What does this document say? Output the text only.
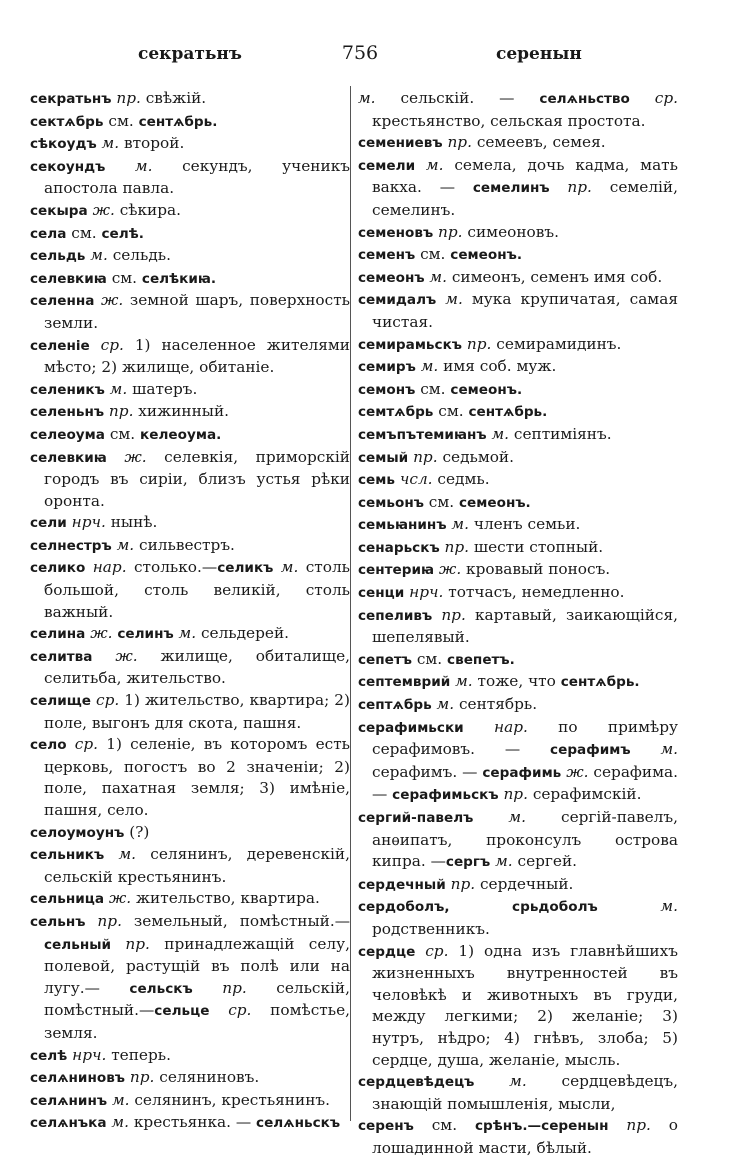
секратьнъ	756	серенын
секратьнъ пр. свѣжій.
сектѧбрь см. сентѧбрь.
сѣкоудъ м. второй.
секоундъ м. секундъ, ученикъ апостола павла.
секыра ж. сѣкира.
села см. селѣ.
сельдь м. сельдь.
селевкиꙗ см. селѣкиꙗ.
селенна ж. земной шаръ, поверхность земли.
селеніе ср. 1) населенное жителями мѣсто; 2) жилище, обитаніе.
селеникъ м. шатеръ.
селеньнъ пр. хижинный.
селеоума см. келеоума.
селевкиꙗ ж. селевкія, приморскій городъ въ сиріи, близъ устья рѣки оронта.
сели нрч. нынѣ.
селнестръ м. сильвестръ.
селико нар. столько.—селикъ м. столь большой, столь великій, столь важный.
селина ж. селинъ м. сельдерей.
селитва ж. жилище, обиталище, селитьба, жительство.
селище ср. 1) жительство, квартира; 2) поле, выгонъ для скота, пашня.
село ср. 1) селеніе, въ которомъ есть церковь, погостъ во 2 значеніи; 2) поле, пахатная земля; 3) имѣніе, пашня, село.
селоумоунъ (?)
сельникъ м. селянинъ, деревенскій, сельскій крестьянинъ.
сельница ж. жительство, квартира.
сельнъ пр. земельный, помѣстный.— сельный пр. принадлежащій селу, полевой, растущій въ полѣ или на лугу.— сельскъ пр. сельскій, помѣстный.—сельце ср. помѣстье, земля.
селѣ нрч. теперь.
селѧниновъ пр. селяниновъ.
селѧнинъ м. селянинъ, крестьянинъ.
селѧнъка м. крестьянка. — селѧньскъ
м. сельскій. — селѧньство ср. крестьянство, сельская простота.
семениевъ пр. семеевъ, семея.
семели м. семела, дочь кадма, мать вакха. — семелинъ пр. семелій, семелинъ.
семеновъ пр. симеоновъ.
семенъ см. семеонъ.
семеонъ м. симеонъ, семенъ имя соб.
семидалъ м. мука крупичатая, самая чистая.
семирамьскъ пр. семирамидинъ.
семиръ м. имя соб. муж.
семонъ см. семеонъ.
семтѧбрь см. сентѧбрь.
семъпътемиꙗнъ м. септиміянъ.
семый пр. седьмой.
семь чсл. седмь.
семьонъ см. семеонъ.
семьꙗнинъ м. членъ семьи.
сенарьскъ пр. шести стопный.
сентериꙗ ж. кровавый поносъ.
сенци нрч. тотчасъ, немедленно.
сепеливъ пр. картавый, заикающійся, шепелявый.
сепетъ см. свепетъ.
септемврий м. тоже, что сентѧбрь.
септѧбрь м. сентябрь.
серафимьски нар. по примѣру серафимовъ. — серафимъ м. серафимъ. — серафимь ж. серафима. — серафимьскъ пр. серафимскій.
сергий-павелъ м. сергій-павелъ, анѳипатъ, проконсулъ острова кипра. —сергъ м. сергей.
сердечный пр. сердечный.
сердоболъ, срьдоболъ м. родственникъ.
сердце ср. 1) одна изъ главнѣйшихъ жизненныхъ внутренностей въ человѣкѣ и животныхъ въ груди, между легкими; 2) желаніе; 3) нутръ, нѣдро; 4) гнѣвъ, злоба; 5) сердце, душа, желаніе, мысль.
сердцевѣдецъ м. сердцевѣдецъ, знающій помышленія, мысли,
серенъ см. срѣнъ.—серенын пр. о лошадинной масти, бѣлый.
